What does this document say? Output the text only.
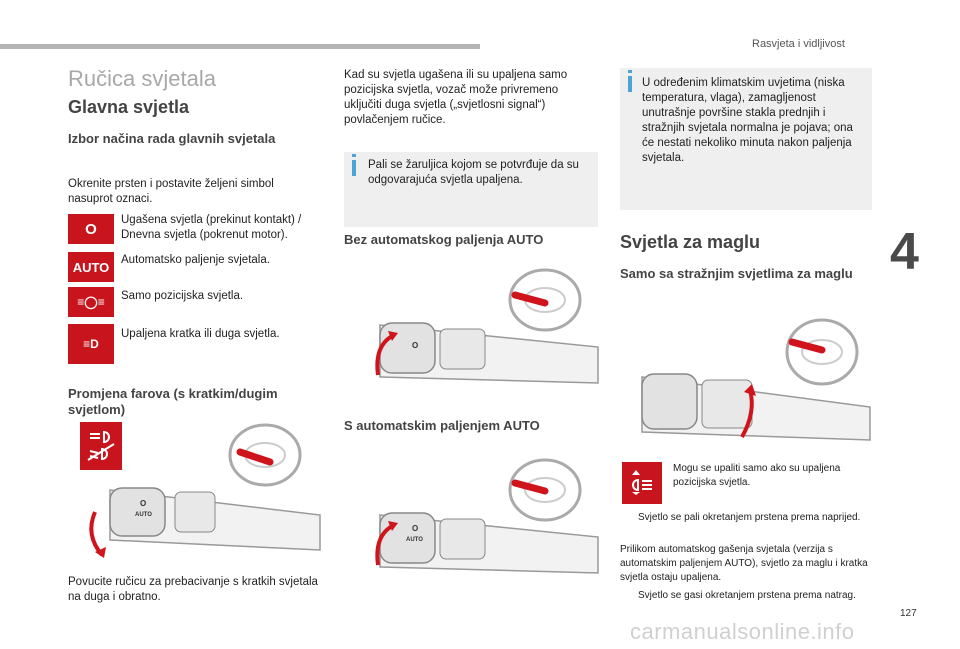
Rasvjeta i vidljivost
4
127
carmanualsonline.info
Ručica svjetala
Glavna svjetla
Izbor načina rada glavnih svjetala
Okrenite prsten i postavite željeni simbol nasuprot oznaci.
O
Ugašena svjetla (prekinut kontakt) / Dnevna svjetla (pokrenut motor).
AUTO	Automatsko paljenje svjetala.
≡◯≡	Samo pozicijska svjetla.
≡D
Upaljena kratka ili duga svjetla.
Promjena farova (s kratkim/dugim svjetlom)
O
AUTO
Povucite ručicu za prebacivanje s kratkih svjetala na duga i obratno.
Kad su svjetla ugašena ili su upaljena samo pozicijska svjetla, vozač može privremeno uključiti duga svjetla („svjetlosni signal“) povlačenjem ručice.
Pali se žaruljica kojom se potvrđuje da su odgovarajuća svjetla upaljena.
Bez automatskog paljenja AUTO
O
S automatskim paljenjem AUTO
O
AUTO
U određenim klimatskim uvjetima (niska temperatura, vlaga), zamagljenost unutrašnje površine stakla prednjih i stražnjih svjetala normalna je pojava; ona će nestati nekoliko minuta nakon paljenja svjetala.
Svjetla za maglu
Samo sa stražnjim svjetlima za maglu
Mogu se upaliti samo ako su upaljena pozicijska svjetla.
Svjetlo se pali okretanjem prstena prema naprijed.
Prilikom automatskog gašenja svjetala (verzija s automatskim paljenjem AUTO), svjetlo za maglu i kratka svjetla ostaju upaljena.
Svjetlo se gasi okretanjem prstena prema natrag.
